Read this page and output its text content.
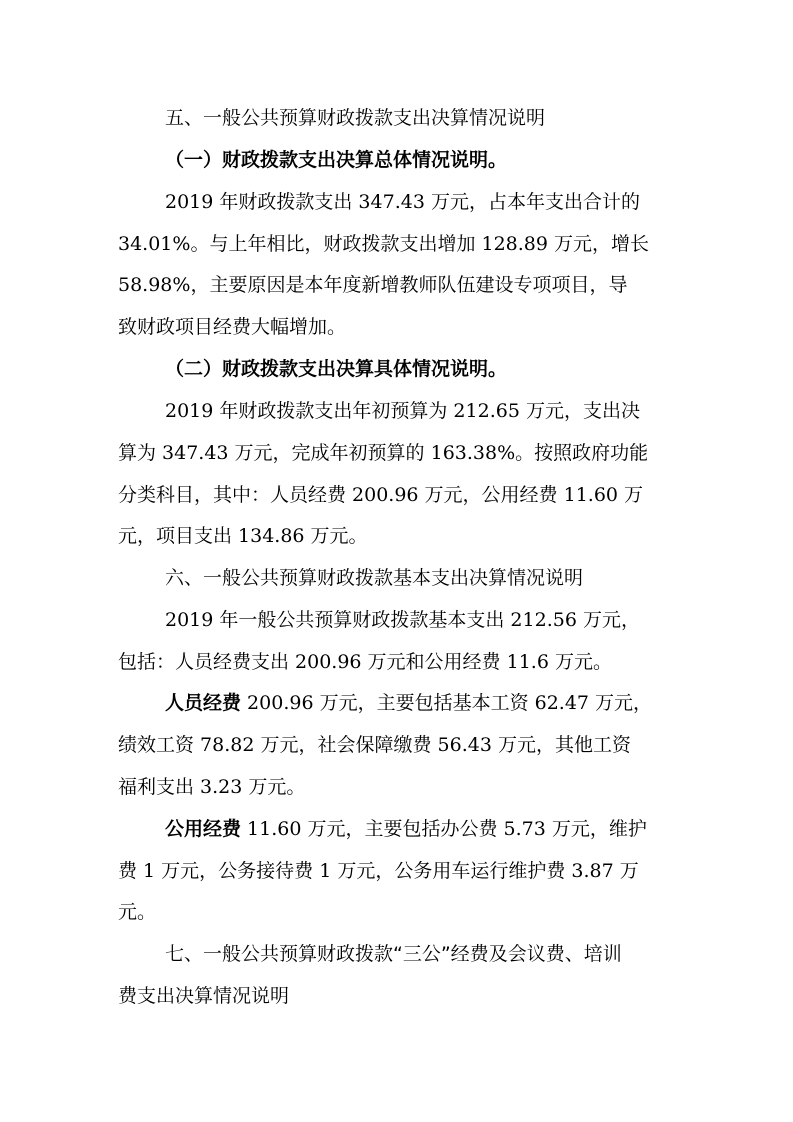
五、一般公共预算财政拨款支出决算情况说明
（一）财政拨款支出决算总体情况说明。
2019 年财政拨款支出 347.43 万元，占本年支出合计的
34.01%。与上年相比，财政拨款支出增加 128.89 万元，增长
58.98%，主要原因是本年度新增教师队伍建设专项项目，导
致财政项目经费大幅增加。
（二）财政拨款支出决算具体情况说明。
2019 年财政拨款支出年初预算为 212.65 万元，支出决
算为 347.43 万元，完成年初预算的 163.38%。按照政府功能
分类科目，其中：人员经费 200.96 万元，公用经费 11.60 万
元，项目支出 134.86 万元。
六、一般公共预算财政拨款基本支出决算情况说明
2019 年一般公共预算财政拨款基本支出 212.56 万元，
包括：人员经费支出 200.96 万元和公用经费 11.6 万元。
人员经费 200.96 万元，主要包括基本工资 62.47 万元，
绩效工资 78.82 万元，社会保障缴费 56.43 万元，其他工资
福利支出 3.23 万元。
公用经费 11.60 万元，主要包括办公费 5.73 万元，维护
费 1 万元，公务接待费 1 万元，公务用车运行维护费 3.87 万
元。
七、一般公共预算财政拨款“三公”经费及会议费、培训
费支出决算情况说明
